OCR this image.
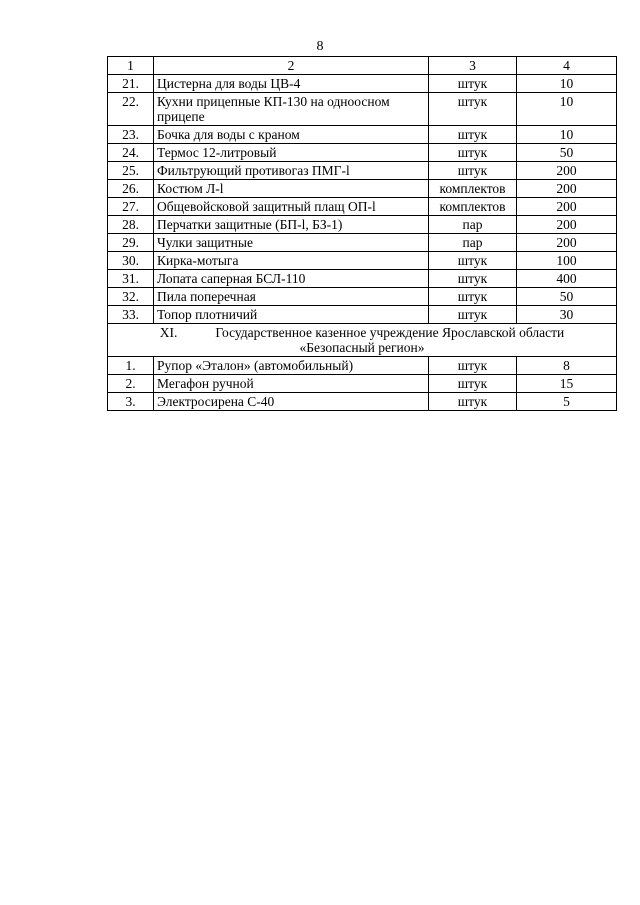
8
1	2	3	4
21.	Цистерна для воды ЦВ-4	штук	10
22.	Кухни прицепные КП-130 на одноосном прицепе	штук	10
23.	Бочка для воды с краном	штук	10
24.	Термос 12-литровый	штук	50
25.	Фильтрующий противогаз ПМГ-l	штук	200
26.	Костюм Л-l	комплектов	200
27.	Общевойсковой защитный плащ ОП-l	комплектов	200
28.	Перчатки защитные (БП-l, БЗ-1)	пар	200
29.	Чулки защитные	пар	200
30.	Кирка-мотыга	штук	100
31.	Лопата саперная БСЛ-110	штук	400
32.	Пила поперечная	штук	50
33.	Топор плотничий	штук	30

XI. Государственное казенное учреждение Ярославской области
«Безопасный регион»			

1.	Рупор «Эталон» (автомобильный)	штук	8
2.	Мегафон ручной	штук	15
3.	Электросирена С-40	штук	5
